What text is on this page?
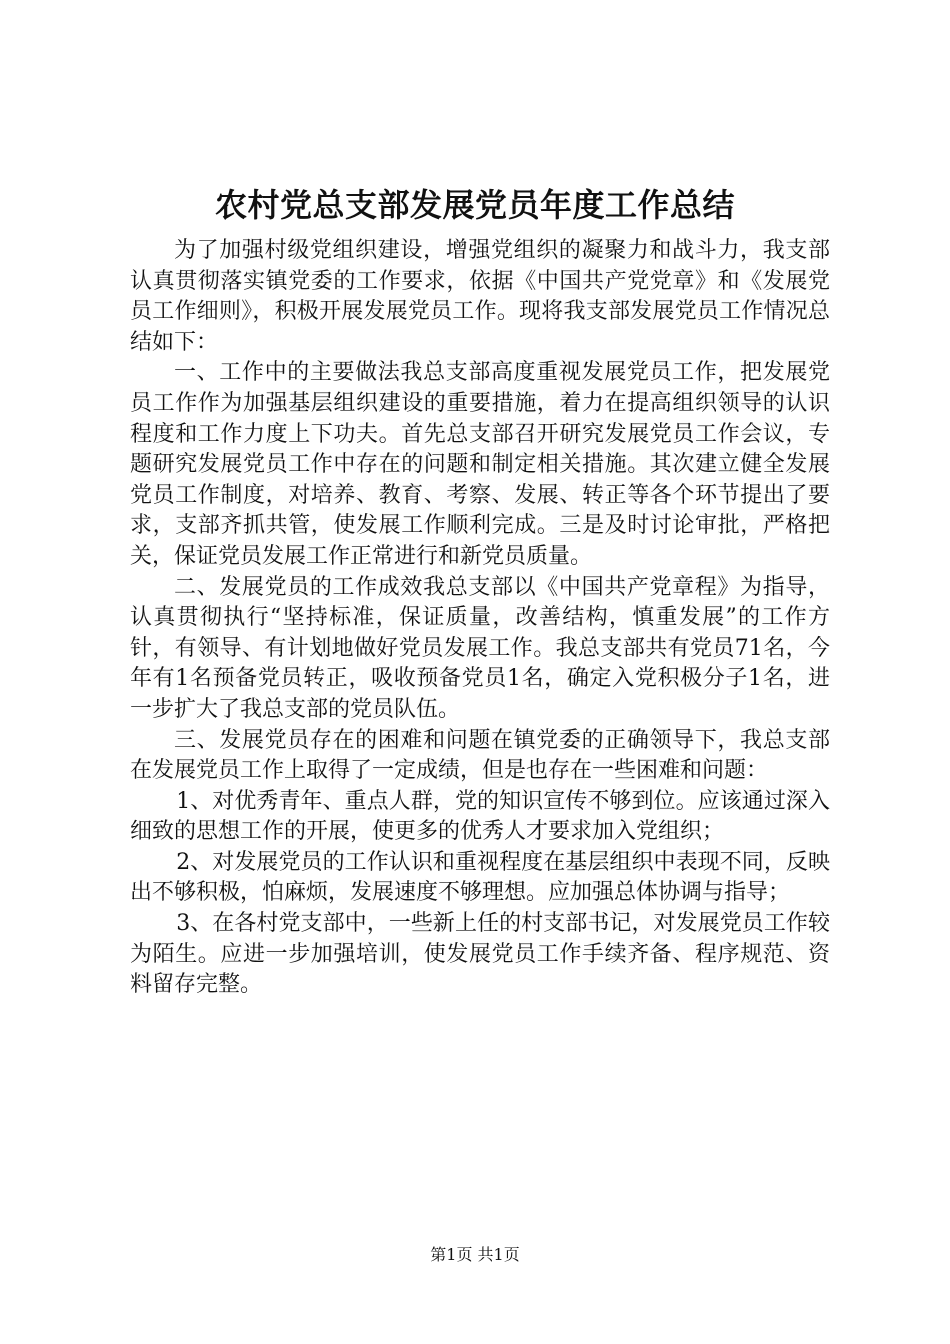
农村党总支部发展党员年度工作总结

为了加强村级党组织建设，增强党组织的凝聚力和战斗力，我支部认真贯彻落实镇党委的工作要求，依据《中国共产党党章》和《发展党员工作细则》，积极开展发展党员工作。现将我支部发展党员工作情况总结如下：

一、工作中的主要做法我总支部高度重视发展党员工作，把发展党员工作作为加强基层组织建设的重要措施，着力在提高组织领导的认识程度和工作力度上下功夫。首先总支部召开研究发展党员工作会议，专题研究发展党员工作中存在的问题和制定相关措施。其次建立健全发展党员工作制度，对培养、教育、考察、发展、转正等各个环节提出了要求，支部齐抓共管，使发展工作顺利完成。三是及时讨论审批，严格把关，保证党员发展工作正常进行和新党员质量。

二、发展党员的工作成效我总支部以《中国共产党章程》为指导，认真贯彻执行“坚持标准，保证质量，改善结构，慎重发展”的工作方针，有领导、有计划地做好党员发展工作。我总支部共有党员71名，今年有1名预备党员转正，吸收预备党员1名，确定入党积极分子1名，进一步扩大了我总支部的党员队伍。

三、发展党员存在的困难和问题在镇党委的正确领导下，我总支部在发展党员工作上取得了一定成绩，但是也存在一些困难和问题：

1、对优秀青年、重点人群，党的知识宣传不够到位。应该通过深入细致的思想工作的开展，使更多的优秀人才要求加入党组织；

2、对发展党员的工作认识和重视程度在基层组织中表现不同，反映出不够积极，怕麻烦，发展速度不够理想。应加强总体协调与指导；

3、在各村党支部中，一些新上任的村支部书记，对发展党员工作较为陌生。应进一步加强培训，使发展党员工作手续齐备、程序规范、资料留存完整。

第1页 共1页
